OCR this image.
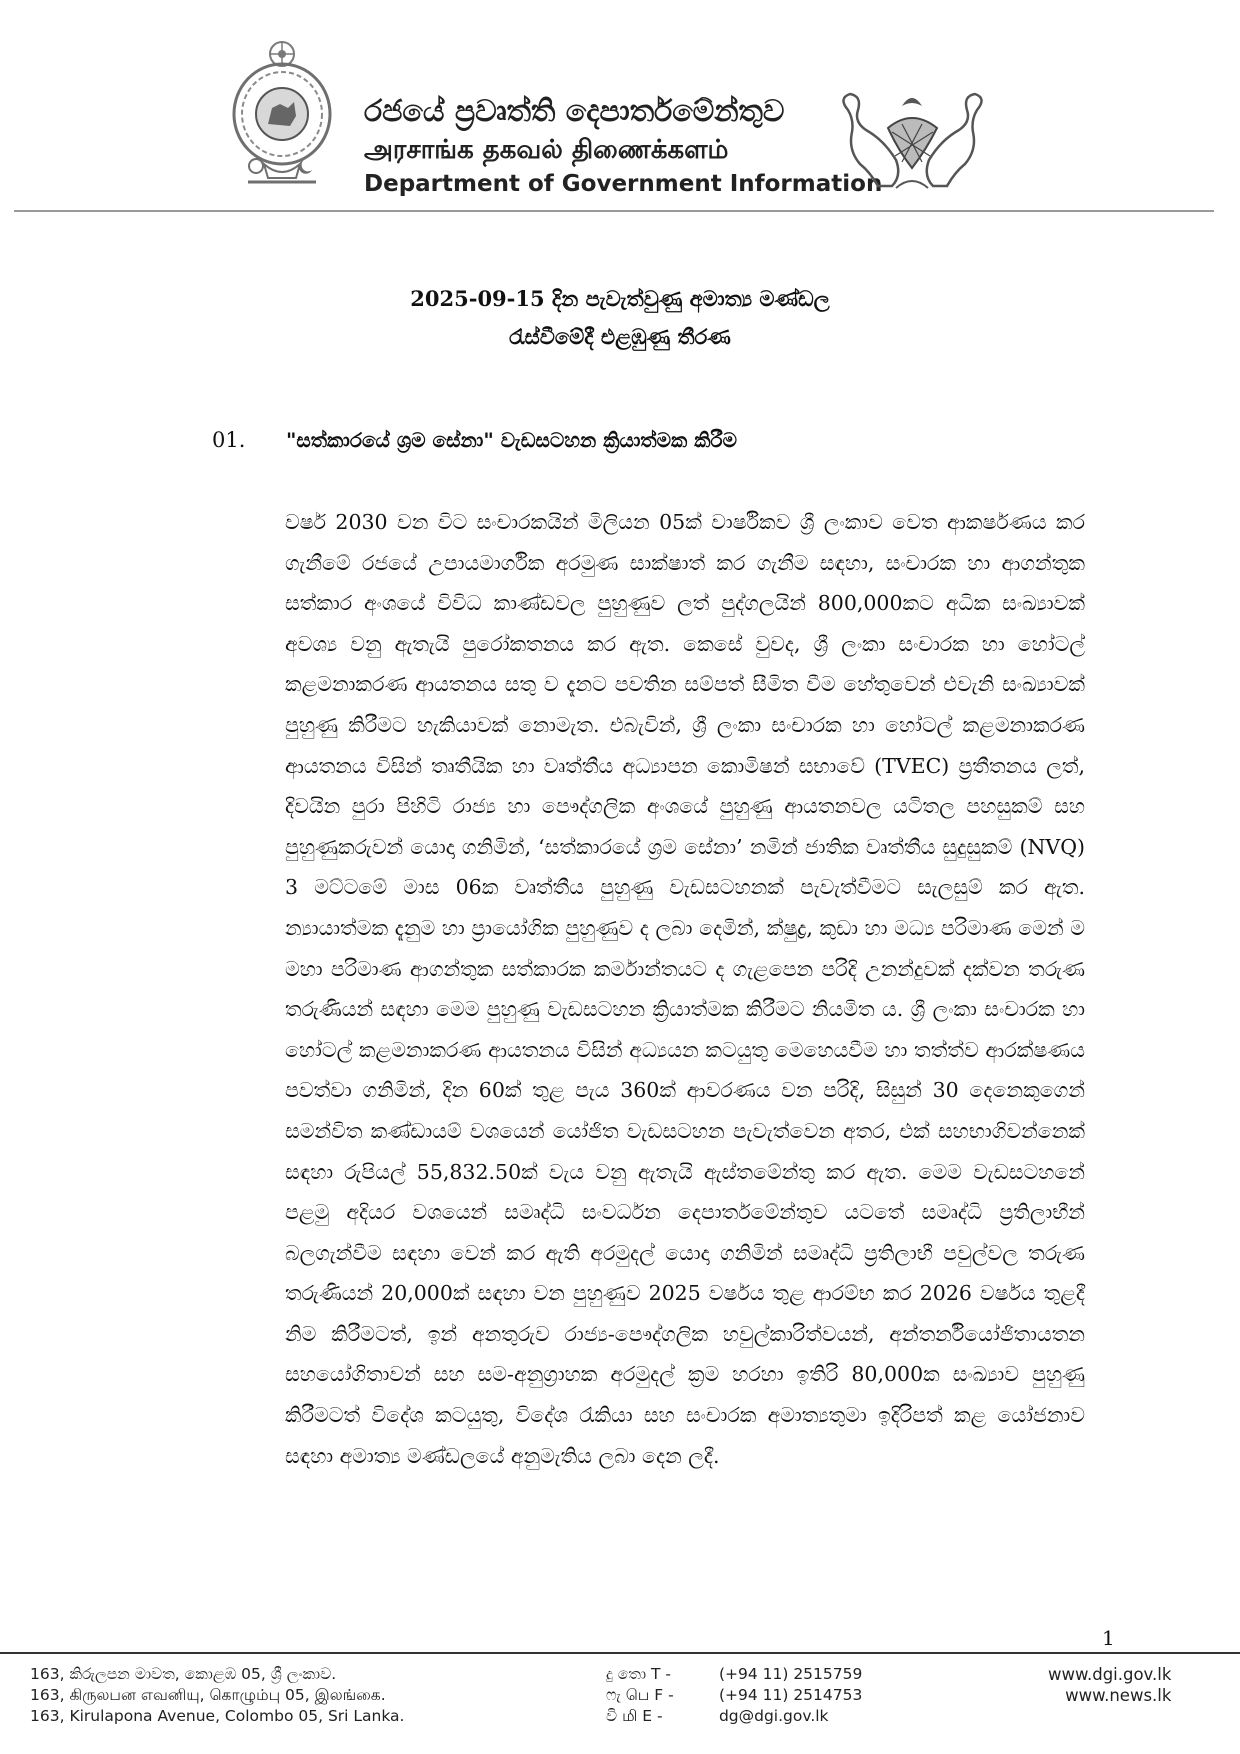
රජයේ ප්‍රවෘත්ති දෙපාර්තමේන්තුව
அரசாங்க தகவல் திணைக்களம்
Department of Government Information
2025-09-15 දින පැවැත්වුණු අමාත්‍ය මණ්ඩල
රැස්වීමේදී එළඹුණු තීරණ
01. "සත්කාරයේ ශ්‍රම සේනා" වැඩසටහන ක්‍රියාත්මක කිරීම
වර්ෂ 2030 වන විට සංචාරකයින් මිලියන 05ක් වාර්ෂිකව ශ්‍රී ලංකාව වෙත ආකර්ෂණය කර ගැනීමේ රජයේ උපායමාර්ගික අරමුණ සාක්ෂාත් කර ගැනීම සඳහා, සංචාරක හා ආගන්තුක සත්කාර අංශයේ විවිධ කාණ්ඩවල පුහුණුව ලත් පුද්ගලයින් 800,000කට අධික සංඛ්‍යාවක් අවශ්‍ය වනු ඇතැයි පුරෝකතනය කර ඇත. කෙසේ වුවද, ශ්‍රී ලංකා සංචාරක හා හෝටල් කළමනාකරණ ආයතනය සතු ව දැනට පවතින සම්පත් සීමිත වීම හේතුවෙන් එවැනි සංඛ්‍යාවක් පුහුණු කිරීමට හැකියාවක් නොමැත. එබැවින්, ශ්‍රී ලංකා සංචාරක හා හෝටල් කළමනාකරණ ආයතනය විසින් තෘතීයික හා වෘත්තීය අධ්‍යාපන කොමිෂන් සභාවේ (TVEC) ප්‍රතීතනය ලත්, දිවයින පුරා පිහිටි රාජ්‍ය හා පෞද්ගලික අංශයේ පුහුණු ආයතනවල යටිතල පහසුකම් සහ පුහුණුකරුවන් යොදා ගනිමින්, ‘සත්කාරයේ ශ්‍රම සේනා’ නමින් ජාතික වෘත්තීය සුදුසුකම් (NVQ) 3 මට්ටමේ මාස 06ක වෘත්තීය පුහුණු වැඩසටහනක් පැවැත්වීමට සැලසුම් කර ඇත. න්‍යායාත්මක දැනුම හා ප්‍රායෝගික පුහුණුව ද ලබා දෙමින්, ක්ෂුද්‍ර, කුඩා හා මධ්‍ය පරිමාණ මෙන් ම මහා පරිමාණ ආගන්තුක සත්කාරක කර්මාන්තයට ද ගැළපෙන පරිදි උනන්දුවක් දක්වන තරුණ තරුණියන් සඳහා මෙම පුහුණු වැඩසටහන ක්‍රියාත්මක කිරීමට නියමිත ය. ශ්‍රී ලංකා සංචාරක හා හෝටල් කළමනාකරණ ආයතනය විසින් අධ්‍යයන කටයුතු මෙහෙයවීම හා තත්ත්ව ආරක්ෂණය පවත්වා ගනිමින්, දින 60ක් තුළ පැය 360ක් ආවරණය වන පරිදි, සිසුන් 30 දෙනෙකුගෙන් සමන්විත කණ්ඩායම් වශයෙන් යෝජිත වැඩසටහන පැවැත්වෙන අතර, එක් සහභාගිවන්නෙක් සඳහා රුපියල් 55,832.50ක් වැය වනු ඇතැයි ඇස්තමේන්තු කර ඇත. මෙම වැඩසටහනේ පළමු අදියර වශයෙන් සමෘද්ධි සංවර්ධන දෙපාර්තමේන්තුව යටතේ සමෘද්ධි ප්‍රතිලාභීන් බලගැන්වීම සඳහා වෙන් කර ඇති අරමුදල් යොදා ගනිමින් සමෘද්ධි ප්‍රතිලාභී පවුල්වල තරුණ තරුණියන් 20,000ක් සඳහා වන පුහුණුව 2025 වර්ෂය තුළ ආරම්භ කර 2026 වර්ෂය තුළදී නිම කිරීමටත්, ඉන් අනතුරුව රාජ්‍ය-පෞද්ගලික හවුල්කාරිත්වයන්, අන්තර්නියෝජිතායතන සහයෝගිතාවන් සහ සම-අනුග්‍රාහක අරමුදල් ක්‍රම හරහා ඉතිරි 80,000ක සංඛ්‍යාව පුහුණු කිරීමටත් විදේශ කටයුතු, විදේශ රැකියා සහ සංචාරක අමාත්‍යතුමා ඉදිරිපත් කළ යෝජනාව සඳහා අමාත්‍ය මණ්ඩලයේ අනුමැතිය ලබා දෙන ලදී.
1
163, කිරුලපන මාවත, කොළඹ 05, ශ්‍රී ලංකාව.
163, கிருலபன எவனியு, கொழும்பு 05, இலங்கை.
163, Kirulapona Avenue, Colombo 05, Sri Lanka.
දු තො T -	(+94 11) 2515759
ෆැ பெ F -	(+94 11) 2514753
වි மி E -	dg@dgi.gov.lk
www.dgi.gov.lk
www.news.lk
